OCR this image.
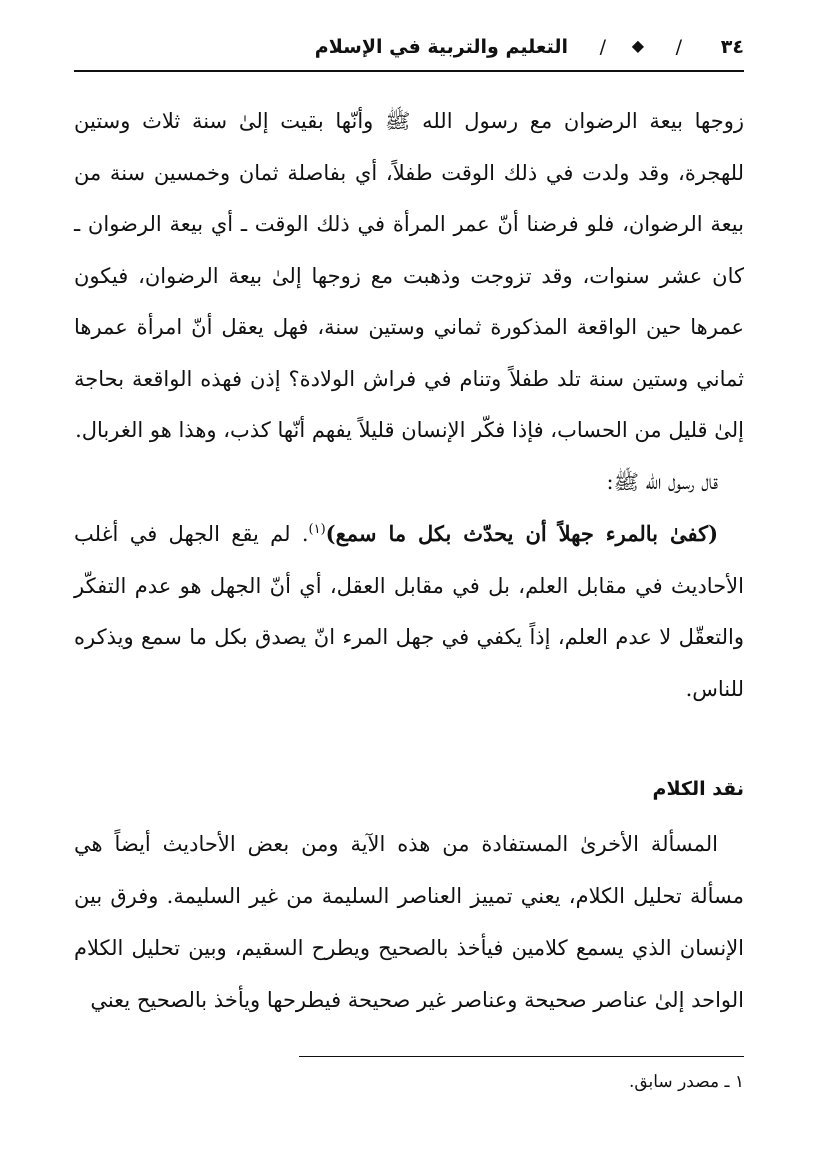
٣٤
/
◆
/
التعليم والتربية في الإسلام

زوجها بيعة الرضوان مع رسول الله ﷺ وأنّها بقيت إلىٰ سنة ثلاث وستين للهجرة، وقد ولدت في ذلك الوقت طفلاً، أي بفاصلة ثمان وخمسين سنة من بيعة الرضوان، فلو فرضنا أنّ عمر المرأة في ذلك الوقت ـ أي بيعة الرضوان ـ كان عشر سنوات، وقد تزوجت وذهبت مع زوجها إلىٰ بيعة الرضوان، فيكون عمرها حين الواقعة المذكورة ثماني وستين سنة، فهل يعقل أنّ امرأة عمرها ثماني وستين سنة تلد طفلاً وتنام في فراش الولادة؟ إذن فهذه الواقعة بحاجة إلىٰ قليل من الحساب، فإذا فكّر الإنسان قليلاً يفهم أنّها كذب، وهذا هو الغربال.

قال رسول الله ﷺ:

(كفىٰ بالمرء جهلاً أن يحدّث بكل ما سمع)$^{(١)}$. لم يقع الجهل في أغلب الأحاديث في مقابل العلم، بل في مقابل العقل، أي أنّ الجهل هو عدم التفكّر والتعقّل لا عدم العلم، إذاً يكفي في جهل المرء انّ يصدق بكل ما سمع ويذكره للناس.

نقد الكلام

المسألة الأخرىٰ المستفادة من هذه الآية ومن بعض الأحاديث أيضاً هي مسألة تحليل الكلام، يعني تمييز العناصر السليمة من غير السليمة. وفرق بين الإنسان الذي يسمع كلامين فيأخذ بالصحيح ويطرح السقيم، وبين تحليل الكلام الواحد إلىٰ عناصر صحيحة وعناصر غير صحيحة فيطرحها ويأخذ بالصحيح يعني

١ ـ مصدر سابق.
